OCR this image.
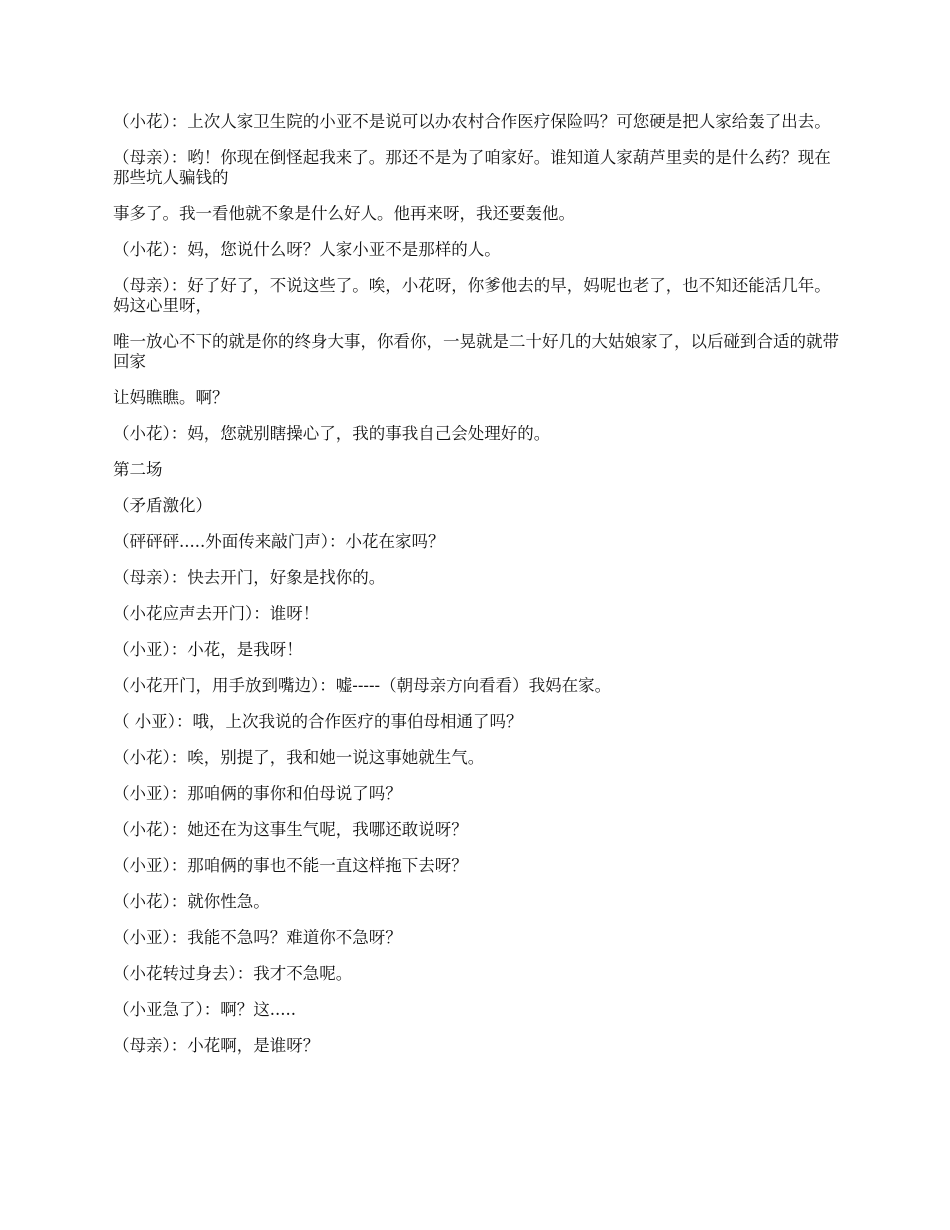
（小花）：上次人家卫生院的小亚不是说可以办农村合作医疗保险吗？可您硬是把人家给轰了出去。

（母亲）：哟！你现在倒怪起我来了。那还不是为了咱家好。谁知道人家葫芦里卖的是什么药？现在那些坑人骗钱的

事多了。我一看他就不象是什么好人。他再来呀，我还要轰他。

（小花）：妈，您说什么呀？人家小亚不是那样的人。

（母亲）：好了好了，不说这些了。唉，小花呀，你爹他去的早，妈呢也老了，也不知还能活几年。妈这心里呀，

唯一放心不下的就是你的终身大事，你看你，一晃就是二十好几的大姑娘家了，以后碰到合适的就带回家

让妈瞧瞧。啊？

（小花）：妈，您就别瞎操心了，我的事我自己会处理好的。

第二场

（矛盾激化）

（砰砰砰.....外面传来敲门声）：小花在家吗？

（母亲）：快去开门，好象是找你的。

（小花应声去开门）：谁呀！

（小亚）：小花，是我呀！

（小花开门，用手放到嘴边）：嘘-----（朝母亲方向看看）我妈在家。

（ 小亚）：哦，上次我说的合作医疗的事伯母相通了吗？

（小花）：唉，别提了，我和她一说这事她就生气。

（小亚）：那咱俩的事你和伯母说了吗？

（小花）：她还在为这事生气呢，我哪还敢说呀？

（小亚）：那咱俩的事也不能一直这样拖下去呀？

（小花）：就你性急。

（小亚）：我能不急吗？难道你不急呀？

（小花转过身去）：我才不急呢。

（小亚急了）：啊？这.....

（母亲）：小花啊，是谁呀？
